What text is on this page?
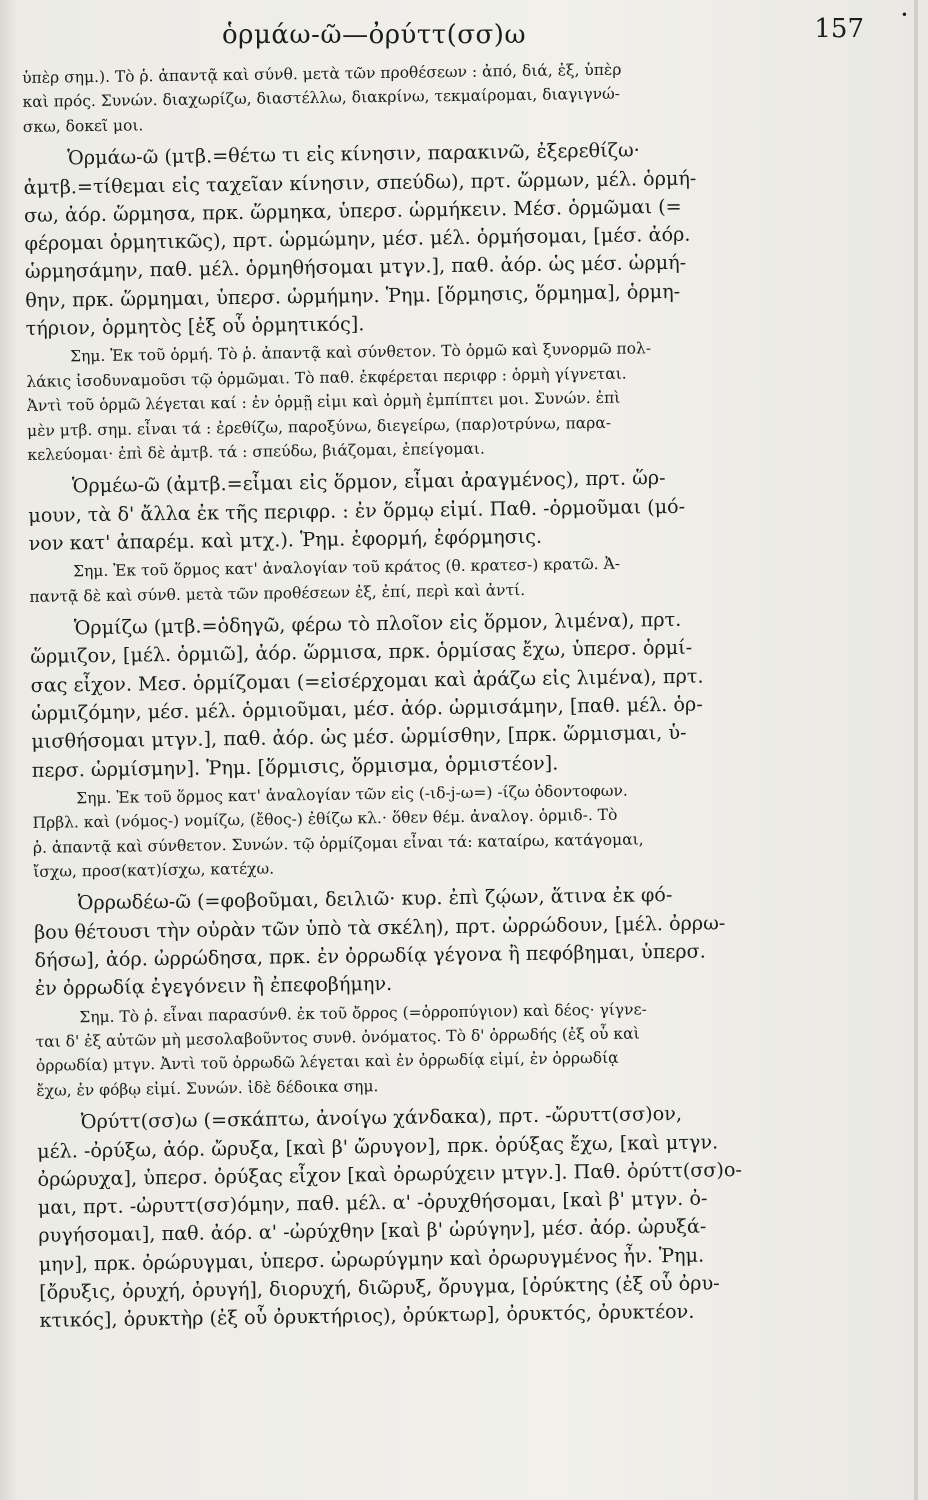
ὁρμάω-ῶ—ὀρύττ(σσ)ω	157	•
ὑπὲρ σημ.). Τὸ ῥ. ἀπαντᾷ καὶ σύνθ. μετὰ τῶν προθέσεων : ἀπό, διά, ἐξ, ὑπὲρ
καὶ πρός. Συνών. διαχωρίζω, διαστέλλω, διακρίνω, τεκμαίρομαι, διαγιγνώ-
σκω, δοκεῖ μοι.
Ὁρμάω-ῶ (μτβ.=θέτω τι εἰς κίνησιν, παρακινῶ, ἐξερεθίζω·
ἀμτβ.=τίθεμαι εἰς ταχεῖαν κίνησιν, σπεύδω), πρτ. ὥρμων, μέλ. ὁρμή-
σω, ἀόρ. ὥρμησα, πρκ. ὥρμηκα, ὑπερσ. ὡρμήκειν. Μέσ. ὁρμῶμαι (=
φέρομαι ὁρμητικῶς), πρτ. ὡρμώμην, μέσ. μέλ. ὁρμήσομαι, [μέσ. ἀόρ.
ὡρμησάμην, παθ. μέλ. ὁρμηθήσομαι μτγν.], παθ. ἀόρ. ὡς μέσ. ὡρμή-
θην, πρκ. ὥρμημαι, ὑπερσ. ὡρμήμην. Ῥημ. [ὅρμησις, ὅρμημα], ὁρμη-
τήριον, ὁρμητὸς [ἐξ οὗ ὁρμητικός].
Σημ. Ἐκ τοῦ ὁρμή. Τὸ ῥ. ἀπαντᾷ καὶ σύνθετον. Τὸ ὁρμῶ καὶ ξυνορμῶ πολ-
λάκις ἰσοδυναμοῦσι τῷ ὁρμῶμαι. Τὸ παθ. ἐκφέρεται περιφρ : ὁρμὴ γίγνεται.
Ἀντὶ τοῦ ὁρμῶ λέγεται καί : ἐν ὁρμῇ εἰμι καὶ ὁρμὴ ἐμπίπτει μοι. Συνών. ἐπὶ
μὲν μτβ. σημ. εἶναι τά : ἐρεθίζω, παροξύνω, διεγείρω, (παρ)οτρύνω, παρα-
κελεύομαι· ἐπὶ δὲ ἀμτβ. τά : σπεύδω, βιάζομαι, ἐπείγομαι.
Ὁρμέω-ῶ (ἀμτβ.=εἶμαι εἰς ὅρμον, εἶμαι ἀραγμένος), πρτ. ὥρ-
μουν, τὰ δ' ἄλλα ἐκ τῆς περιφρ. : ἐν ὅρμῳ εἰμί. Παθ. -ὁρμοῦμαι (μό-
νον κατ' ἀπαρέμ. καὶ μτχ.). Ῥημ. ἐφορμή, ἐφόρμησις.
Σημ. Ἐκ τοῦ ὅρμος κατ' ἀναλογίαν τοῦ κράτος (θ. κρατεσ-) κρατῶ. Ἀ-
παντᾷ δὲ καὶ σύνθ. μετὰ τῶν προθέσεων ἐξ, ἐπί, περὶ καὶ ἀντί.
Ὁρμίζω (μτβ.=ὁδηγῶ, φέρω τὸ πλοῖον εἰς ὅρμον, λιμένα), πρτ.
ὥρμιζον, [μέλ. ὁρμιῶ], ἀόρ. ὥρμισα, πρκ. ὁρμίσας ἔχω, ὑπερσ. ὁρμί-
σας εἶχον. Μεσ. ὁρμίζομαι (=εἰσέρχομαι καὶ ἀράζω εἰς λιμένα), πρτ.
ὡρμιζόμην, μέσ. μέλ. ὁρμιοῦμαι, μέσ. ἀόρ. ὡρμισάμην, [παθ. μέλ. ὁρ-
μισθήσομαι μτγν.], παθ. ἀόρ. ὡς μέσ. ὡρμίσθην, [πρκ. ὥρμισμαι, ὑ-
περσ. ὡρμίσμην]. Ῥημ. [ὅρμισις, ὅρμισμα, ὁρμιστέον].
Σημ. Ἐκ τοῦ ὅρμος κατ' ἀναλογίαν τῶν εἰς (-ιδ-j-ω=) -ίζω ὀδοντοφων.
Πρβλ. καὶ (νόμος-) νομίζω, (ἔθος-) ἐθίζω κλ.· ὅθεν θέμ. ἀναλογ. ὁρμιδ-. Τὸ
ῥ. ἀπαντᾷ καὶ σύνθετον. Συνών. τῷ ὁρμίζομαι εἶναι τά: καταίρω, κατάγομαι,
ἴσχω, προσ(κατ)ίσχω, κατέχω.
Ὀρρωδέω-ῶ (=φοβοῦμαι, δειλιῶ· κυρ. ἐπὶ ζῴων, ἅτινα ἐκ φό-
βου θέτουσι τὴν οὐρὰν τῶν ὑπὸ τὰ σκέλη), πρτ. ὠρρώδουν, [μέλ. ὀρρω-
δήσω], ἀόρ. ὠρρώδησα, πρκ. ἐν ὀρρωδίᾳ γέγονα ἢ πεφόβημαι, ὑπερσ.
ἐν ὀρρωδίᾳ ἐγεγόνειν ἢ ἐπεφοβήμην.
Σημ. Τὸ ῥ. εἶναι παρασύνθ. ἐκ τοῦ ὄρρος (=ὀρροπύγιον) καὶ δέος· γίγνε-
ται δ' ἐξ αὐτῶν μὴ μεσολαβοῦντος συνθ. ὀνόματος. Τὸ δ' ὀρρωδής (ἐξ οὗ καὶ
ὀρρωδία) μτγν. Ἀντὶ τοῦ ὀρρωδῶ λέγεται καὶ ἐν ὀρρωδίᾳ εἰμί, ἐν ὀρρωδίᾳ
ἔχω, ἐν φόβῳ εἰμί. Συνών. ἰδὲ δέδοικα σημ.
Ὀρύττ(σσ)ω (=σκάπτω, ἀνοίγω χάνδακα), πρτ. -ὤρυττ(σσ)ον,
μέλ. -ὀρύξω, ἀόρ. ὤρυξα, [καὶ β' ὤρυγον], πρκ. ὀρύξας ἔχω, [καὶ μτγν.
ὀρώρυχα], ὑπερσ. ὀρύξας εἶχον [καὶ ὀρωρύχειν μτγν.]. Παθ. ὀρύττ(σσ)ο-
μαι, πρτ. -ὠρυττ(σσ)όμην, παθ. μέλ. α' -ὀρυχθήσομαι, [καὶ β' μτγν. ὀ-
ρυγήσομαι], παθ. ἀόρ. α' -ὠρύχθην [καὶ β' ὠρύγην], μέσ. ἀόρ. ὠρυξά-
μην], πρκ. ὀρώρυγμαι, ὑπερσ. ὠρωρύγμην καὶ ὀρωρυγμένος ἦν. Ῥημ.
[ὄρυξις, ὀρυχή, ὀρυγή], διορυχή, διῶρυξ, ὄρυγμα, [ὀρύκτης (ἐξ οὗ ὀρυ-
κτικός], ὀρυκτὴρ (ἐξ οὗ ὀρυκτήριος), ὀρύκτωρ], ὀρυκτός, ὀρυκτέον.
